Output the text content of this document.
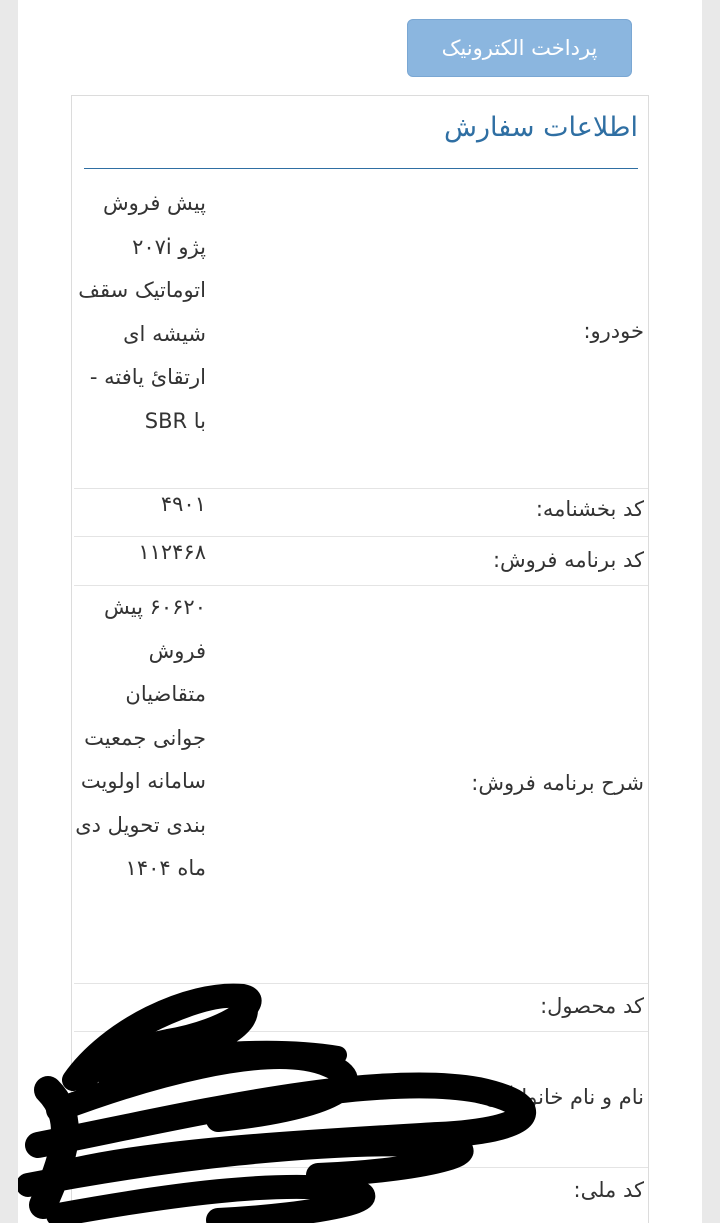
پرداخت الکترونیک
اطلاعات سفارش
خودرو:
پیش فروش پژو ۲۰۷i اتوماتیک سقف شیشه ای ارتقائ یافته - با SBR
کد بخشنامه:
۴۹۰۱
کد برنامه فروش:
۱۱۲۴۶۸
شرح برنامه فروش:
۶۰۶۲۰ پیش فروش متقاضیان جوانی جمعیت سامانه اولویت بندی تحویل دی ماه ۱۴۰۴
کد محصول:
نام و نام خانوادگی:
کد ملی:
